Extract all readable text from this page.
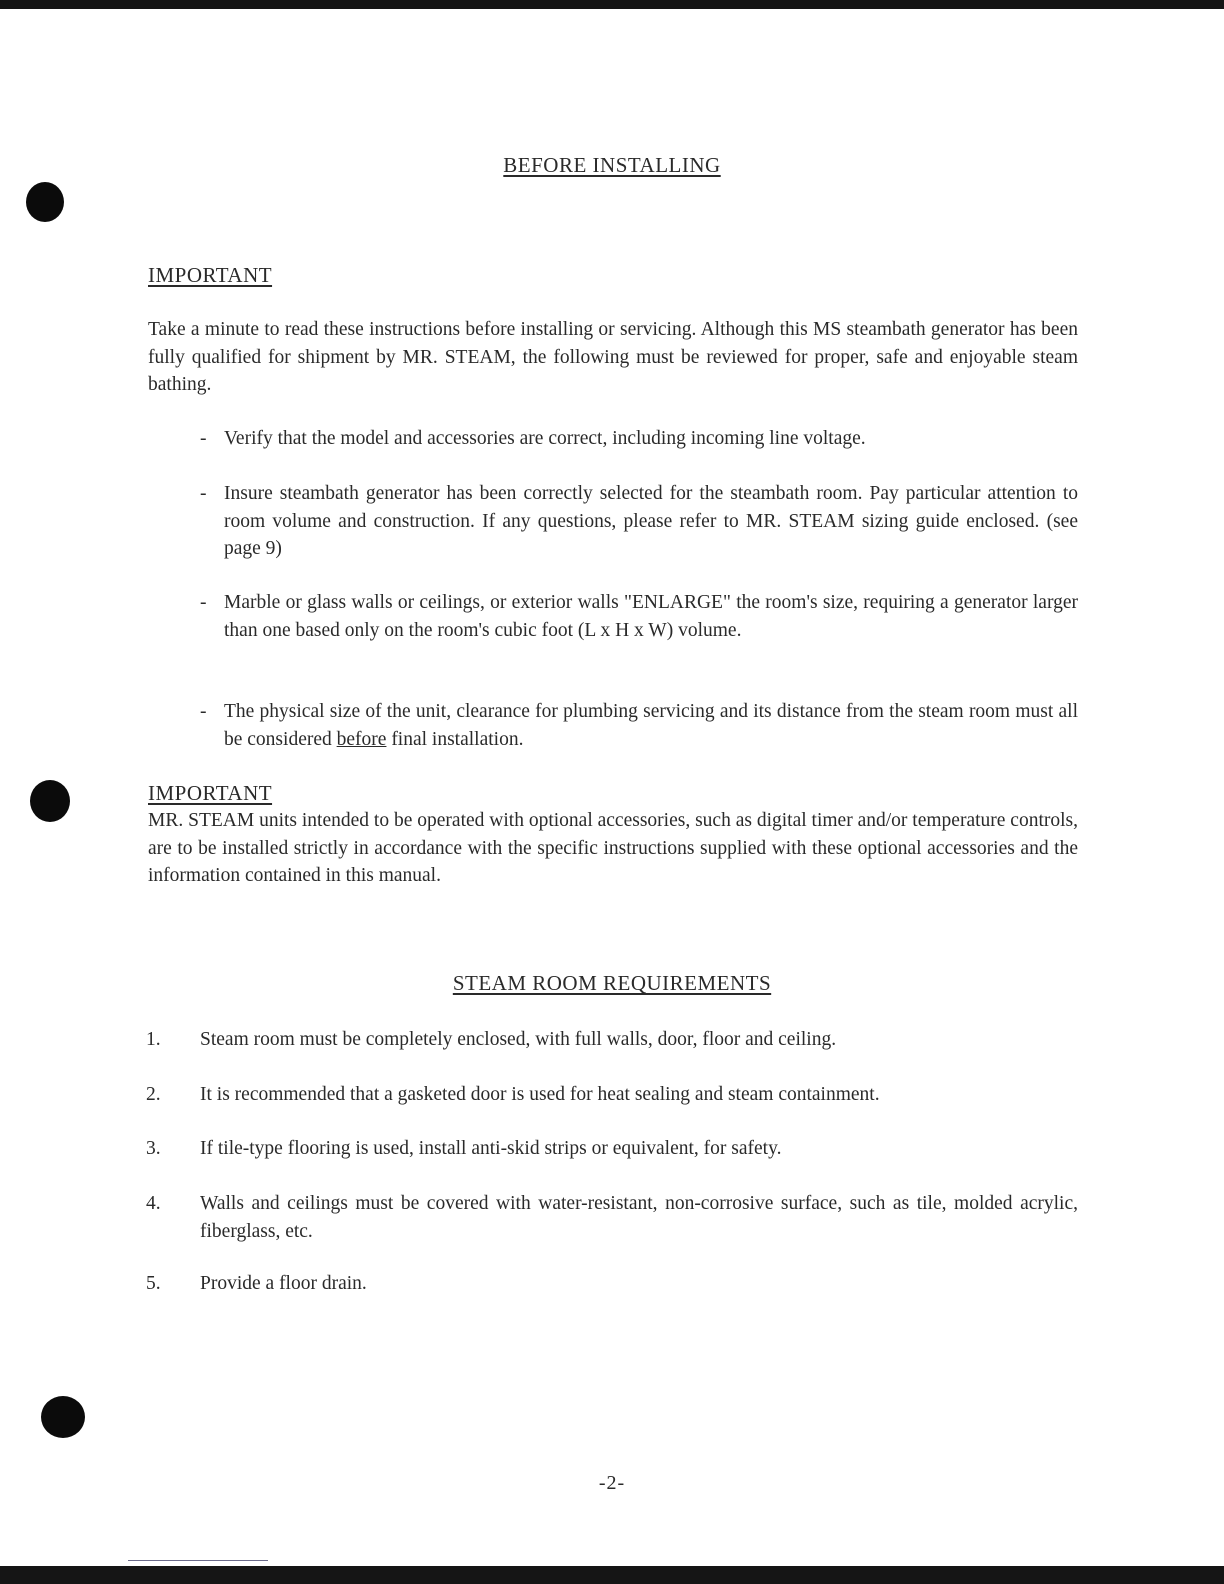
BEFORE INSTALLING
IMPORTANT

Take a minute to read these instructions before installing or servicing. Although this MS steambath generator has been fully qualified for shipment by MR. STEAM, the following must be reviewed for proper, safe and enjoyable steam bathing.

- Verify that the model and accessories are correct, including incoming line voltage.

- Insure steambath generator has been correctly selected for the steambath room. Pay particular attention to room volume and construction. If any questions, please refer to MR. STEAM sizing guide enclosed. (see page 9)

- Marble or glass walls or ceilings, or exterior walls "ENLARGE" the room's size, requiring a generator larger than one based only on the room's cubic foot (L x H x W) volume.

- The physical size of the unit, clearance for plumbing servicing and its distance from the steam room must all be considered before final installation.

IMPORTANT

MR. STEAM units intended to be operated with optional accessories, such as digital timer and/or temperature controls, are to be installed strictly in accordance with the specific instructions supplied with these optional accessories and the information contained in this manual.

STEAM ROOM REQUIREMENTS
1. Steam room must be completely enclosed, with full walls, door, floor and ceiling.

2. It is recommended that a gasketed door is used for heat sealing and steam containment.

3. If tile-type flooring is used, install anti-skid strips or equivalent, for safety.

4. Walls and ceilings must be covered with water-resistant, non-corrosive surface, such as tile, molded acrylic, fiberglass, etc.

5. Provide a floor drain.

-2-
